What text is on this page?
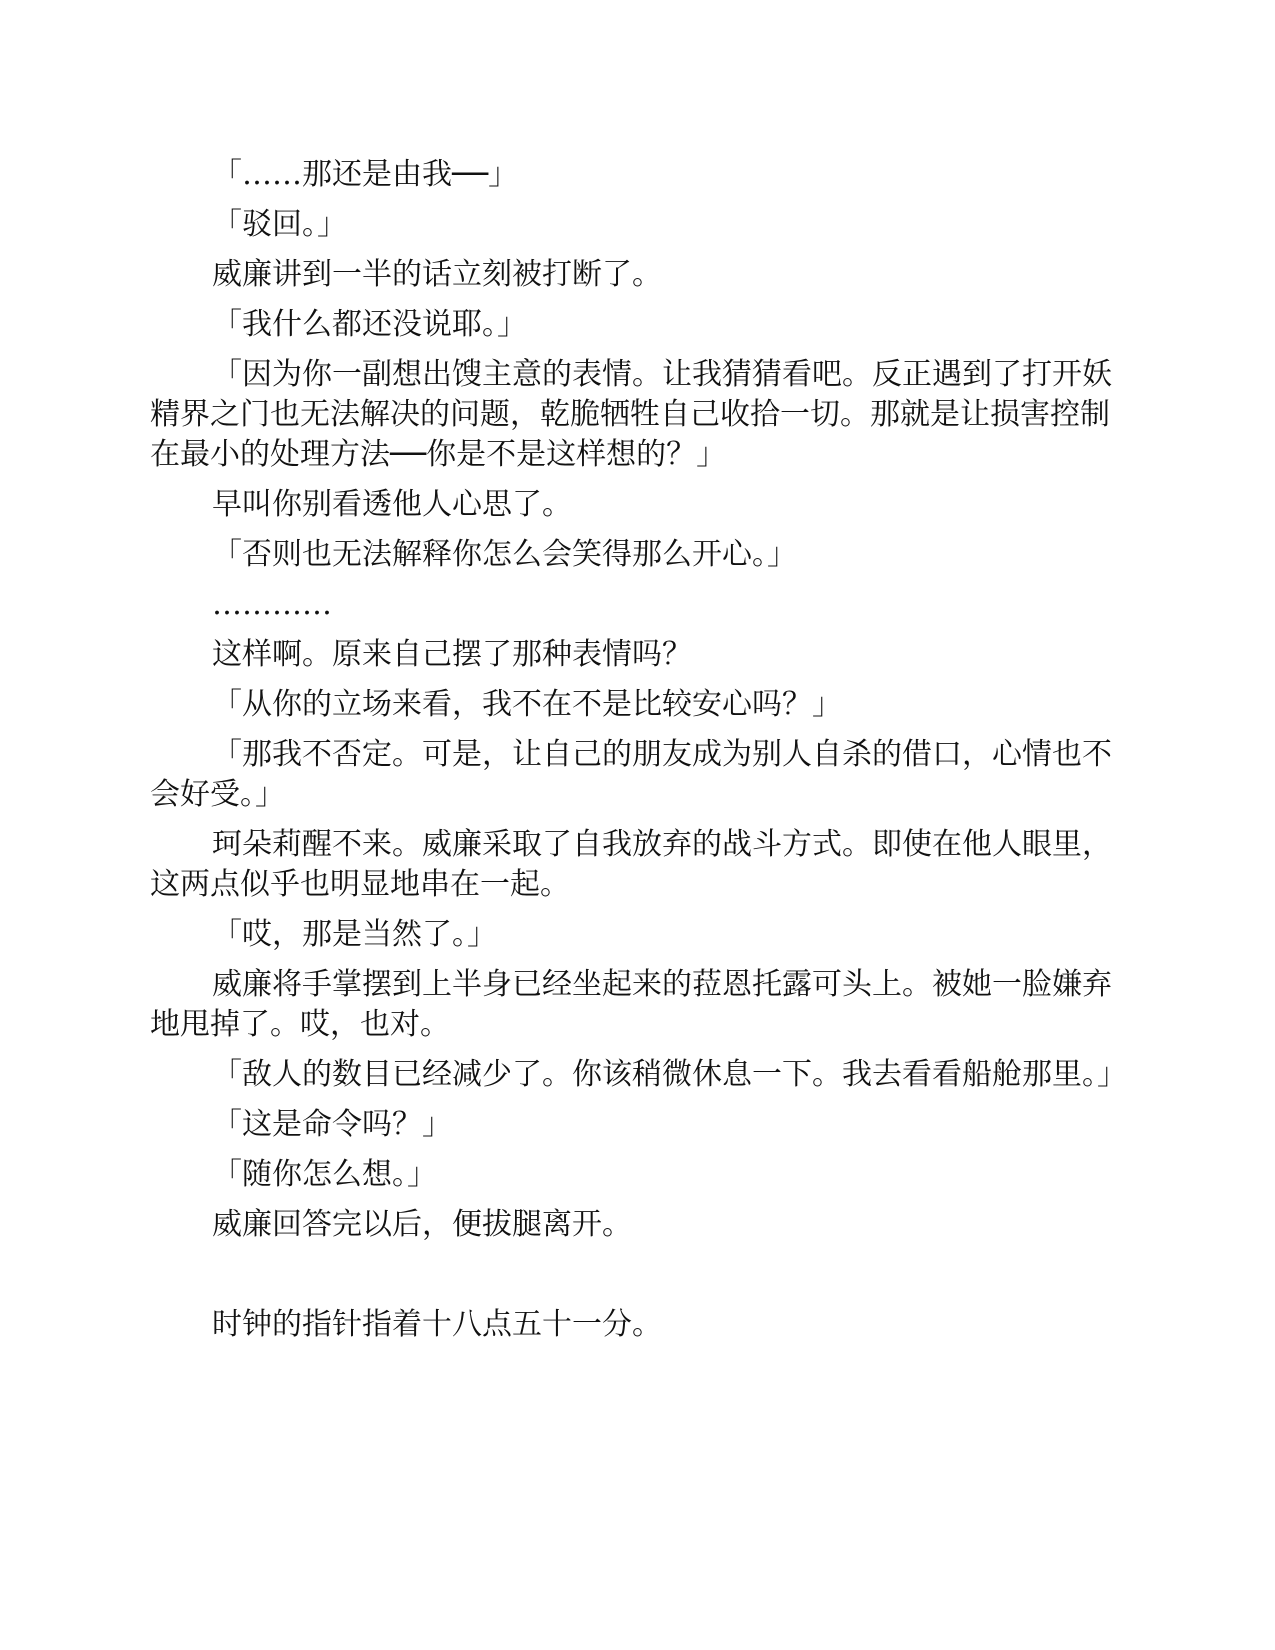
「……那还是由我──」

「驳回。」

威廉讲到一半的话立刻被打断了。

「我什么都还没说耶。」

「因为你一副想出馊主意的表情。让我猜猜看吧。反正遇到了打开妖精界之门也无法解决的问题，乾脆牺牲自己收拾一切。那就是让损害控制在最小的处理方法──你是不是这样想的？」

早叫你别看透他人心思了。

「否则也无法解释你怎么会笑得那么开心。」

…………

这样啊。原来自己摆了那种表情吗？

「从你的立场来看，我不在不是比较安心吗？」

「那我不否定。可是，让自己的朋友成为别人自杀的借口，心情也不会好受。」

珂朵莉醒不来。威廉采取了自我放弃的战斗方式。即使在他人眼里，这两点似乎也明显地串在一起。

「哎，那是当然了。」

威廉将手掌摆到上半身已经坐起来的菈恩托露可头上。被她一脸嫌弃地甩掉了。哎，也对。

「敌人的数目已经减少了。你该稍微休息一下。我去看看船舱那里。」

「这是命令吗？」

「随你怎么想。」

威廉回答完以后，便拔腿离开。

时钟的指针指着十八点五十一分。
